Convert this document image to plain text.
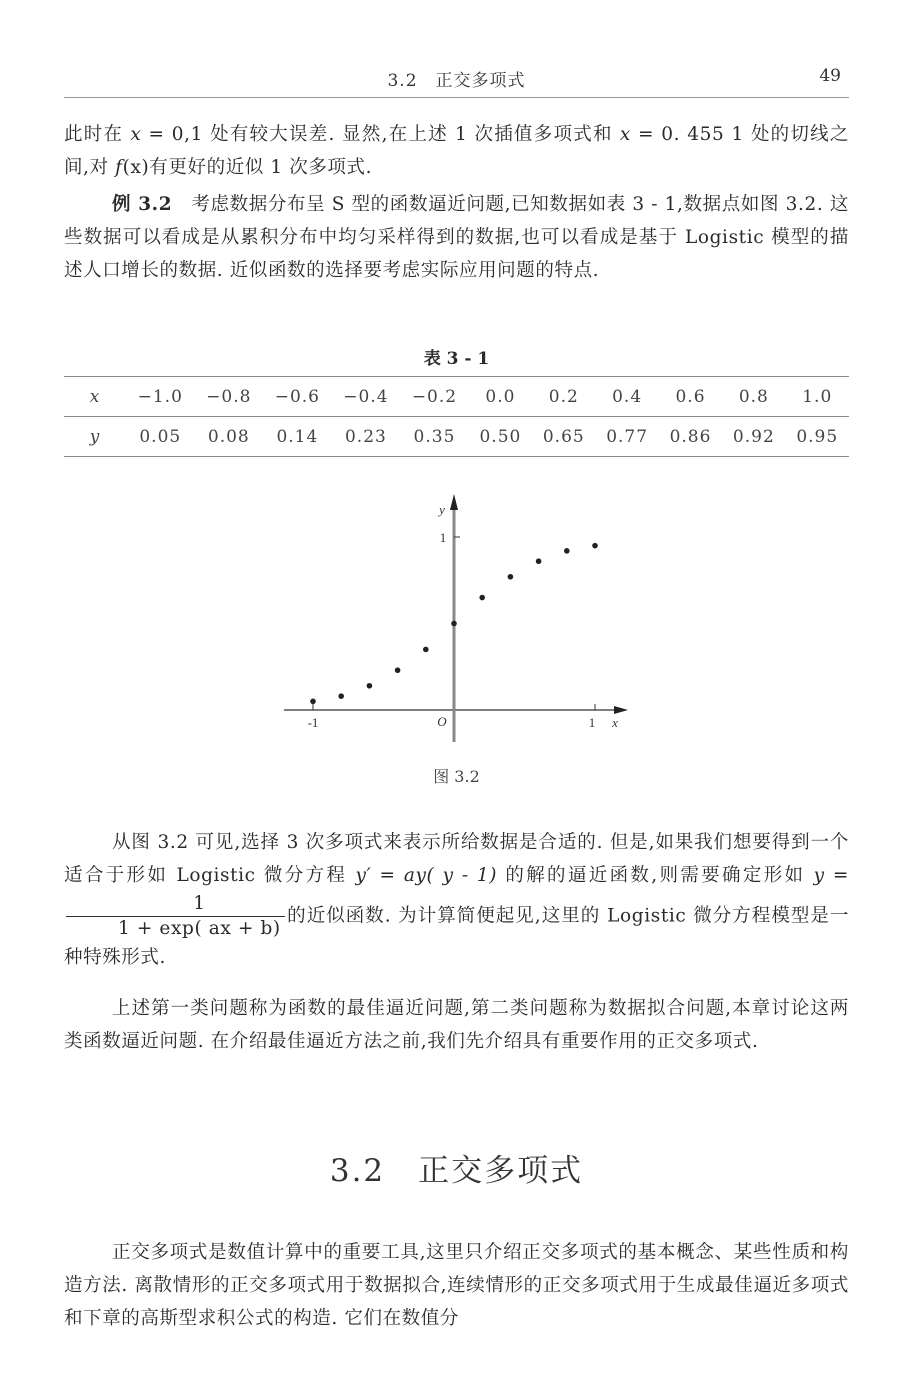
3.2　正交多项式	49
此时在 x = 0,1 处有较大误差. 显然,在上述 1 次插值多项式和 x = 0. 455 1 处的切线之间,对 f(x)有更好的近似 1 次多项式.
例 3.2　考虑数据分布呈 S 型的函数逼近问题,已知数据如表 3 - 1,数据点如图 3.2. 这些数据可以看成是从累积分布中均匀采样得到的数据,也可以看成是基于 Logistic 模型的描述人口增长的数据. 近似函数的选择要考虑实际应用问题的特点.
表 3 - 1
x	−1.0	−0.8	−0.6	−0.4	−0.2	0.0	0.2	0.4	0.6	0.8	1.0
y	0.05	0.08	0.14	0.23	0.35	0.50	0.65	0.77	0.86	0.92	0.95
-1	1
1
O	x
y
图 3.2
从图 3.2 可见,选择 3 次多项式来表示所给数据是合适的. 但是,如果我们想要得到一个适合于形如 Logistic 微分方程 y′ = ay( y - 1) 的解的逼近函数,则需要确定形如 y =
$\frac{1}{1 + \exp( ax + b)}$ 的近似函数. 为计算简便起见,这里的 Logistic 微分方程模型是一种特殊形式.
上述第一类问题称为函数的最佳逼近问题,第二类问题称为数据拟合问题,本章讨论这两类函数逼近问题. 在介绍最佳逼近方法之前,我们先介绍具有重要作用的正交多项式.
3.2　正交多项式
正交多项式是数值计算中的重要工具,这里只介绍正交多项式的基本概念、某些性质和构造方法. 离散情形的正交多项式用于数据拟合,连续情形的正交多项式用于生成最佳逼近多项式和下章的高斯型求积公式的构造. 它们在数值分
